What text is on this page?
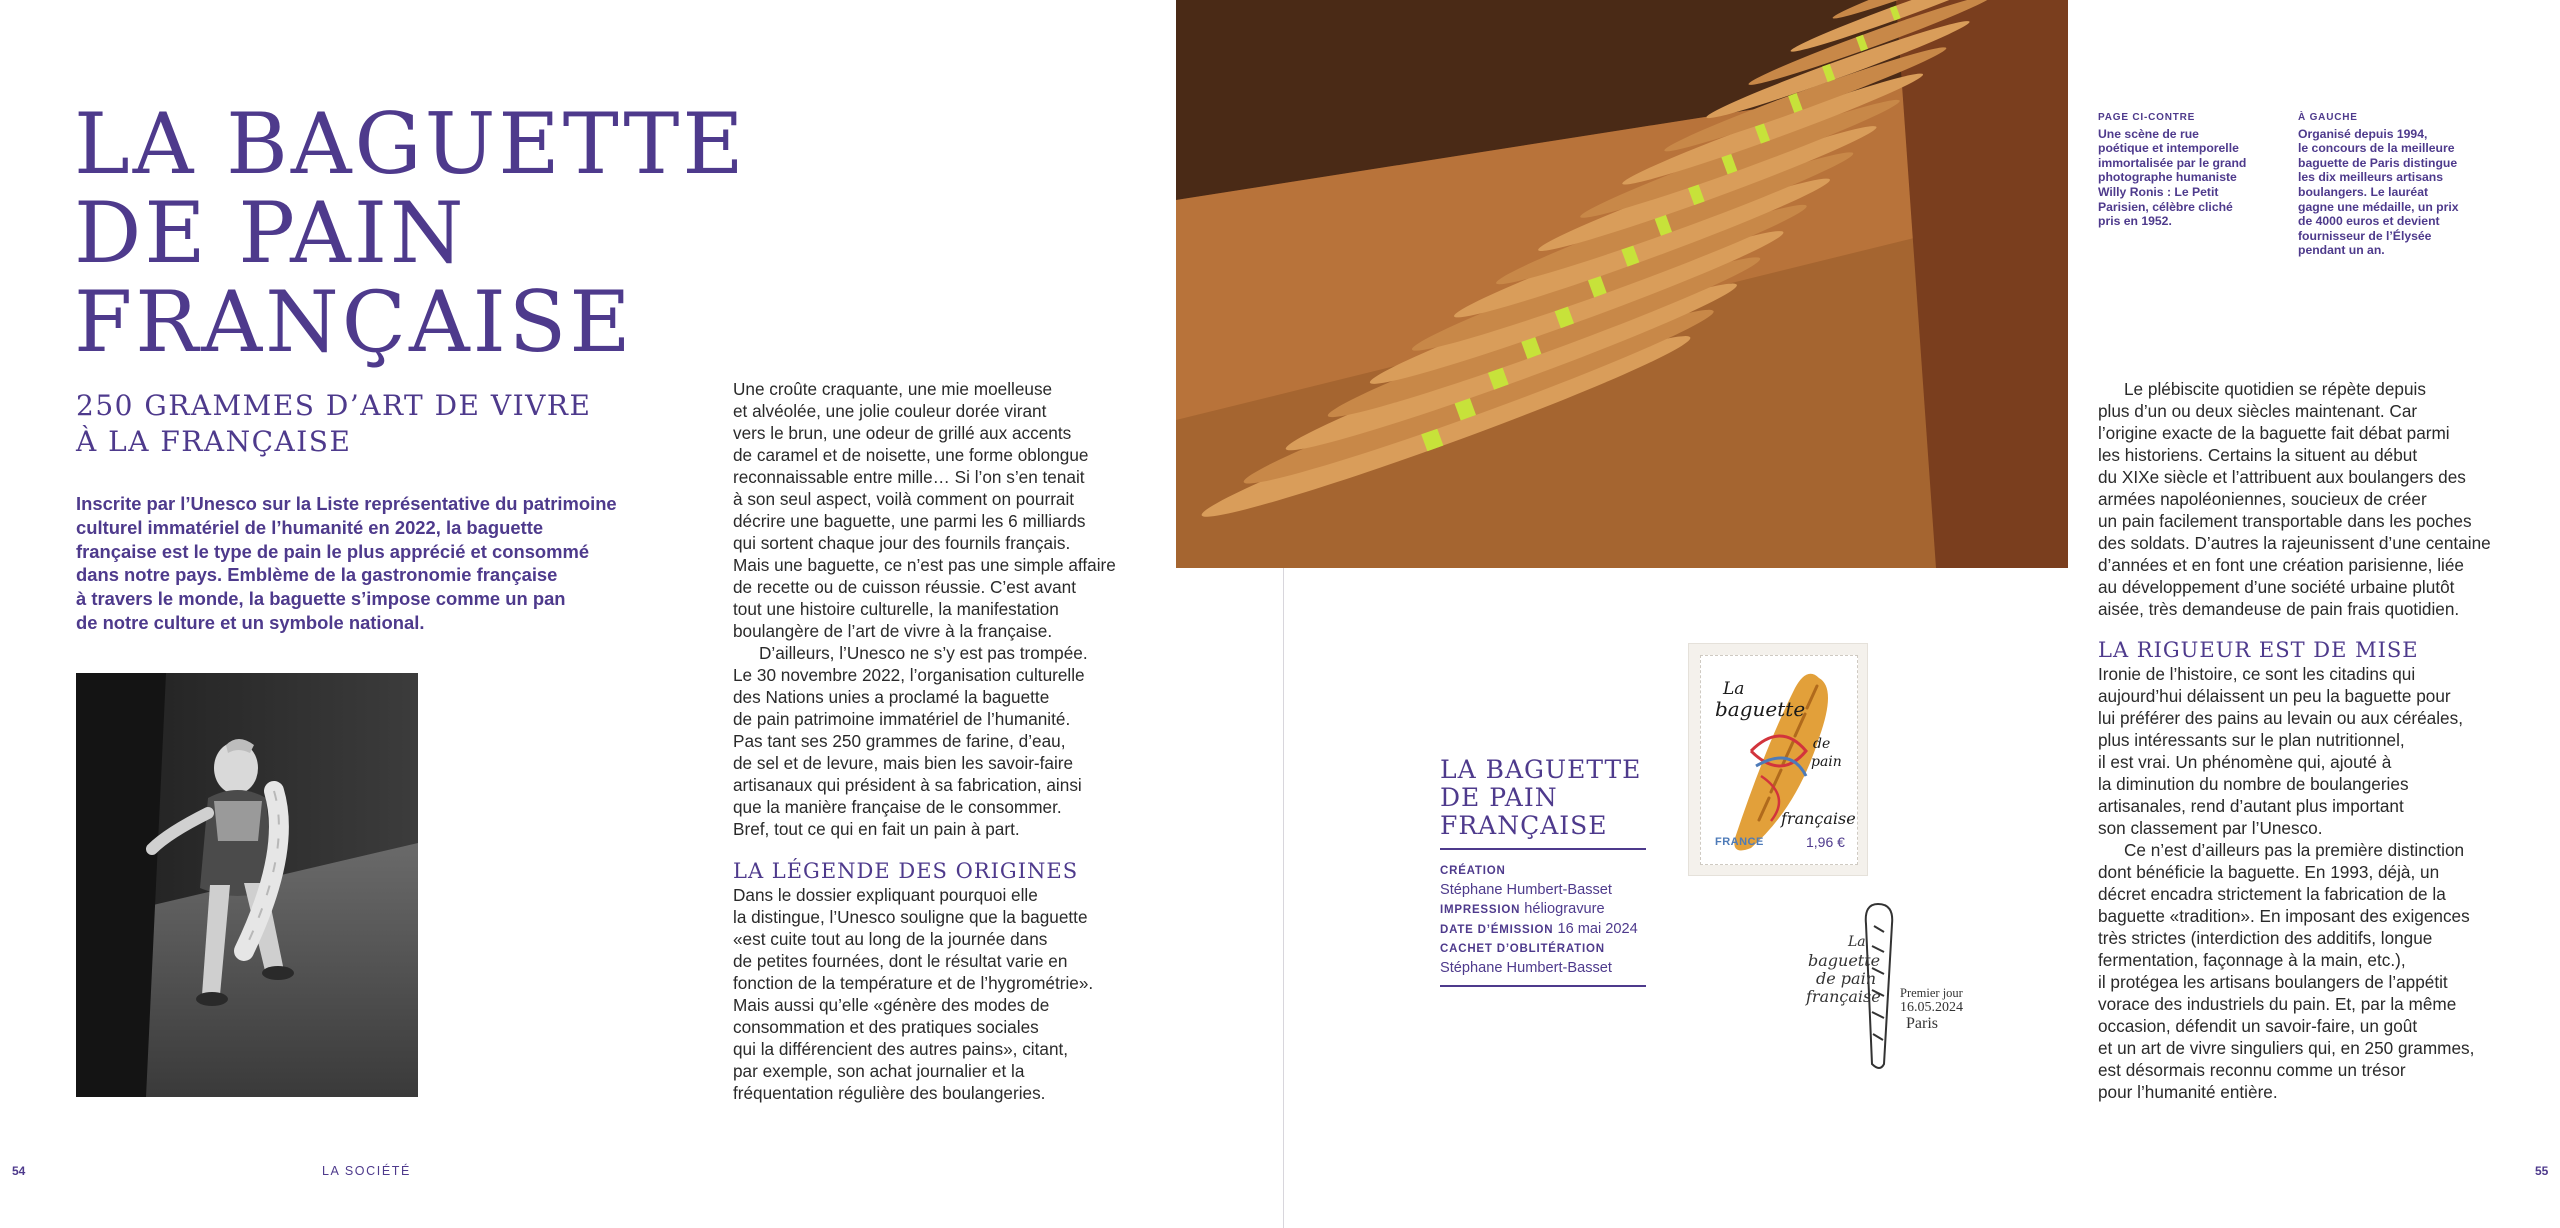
LA BAGUETTE
DE PAIN
FRANÇAISE
250 GRAMMES D’ART DE VIVRE
À LA FRANÇAISE
Inscrite par l’Unesco sur la Liste représentative du patrimoine
culturel immatériel de l’humanité en 2022, la baguette
française est le type de pain le plus apprécié et consommé
dans notre pays. Emblème de la gastronomie française
à travers le monde, la baguette s’impose comme un pan
de notre culture et un symbole national.
Une croûte craquante, une mie moelleuse
et alvéolée, une jolie couleur dorée virant
vers le brun, une odeur de grillé aux accents
de caramel et de noisette, une forme oblongue
reconnaissable entre mille… Si l’on s’en tenait
à son seul aspect, voilà comment on pourrait
décrire une baguette, une parmi les 6 milliards
qui sortent chaque jour des fournils français.
Mais une baguette, ce n’est pas une simple affaire
de recette ou de cuisson réussie. C’est avant
tout une histoire culturelle, la manifestation
boulangère de l’art de vivre à la française.
D’ailleurs, l’Unesco ne s’y est pas trompée.
Le 30 novembre 2022, l’organisation culturelle
des Nations unies a proclamé la baguette
de pain patrimoine immatériel de l’humanité.
Pas tant ses 250 grammes de farine, d’eau,
de sel et de levure, mais bien les savoir-faire
artisanaux qui président à sa fabrication, ainsi
que la manière française de le consommer.
Bref, tout ce qui en fait un pain à part.
LA LÉGENDE DES ORIGINES
Dans le dossier expliquant pourquoi elle
la distingue, l’Unesco souligne que la baguette
«est cuite tout au long de la journée dans
de petites fournées, dont le résultat varie en
fonction de la température et de l’hygrométrie».
Mais aussi qu’elle «génère des modes de
consommation et des pratiques sociales
qui la différencient des autres pains», citant,
par exemple, son achat journalier et la
fréquentation régulière des boulangeries.
54	LA SOCIÉTÉ
PAGE CI-CONTRE
Une scène de rue
poétique et intemporelle
immortalisée par le grand
photographe humaniste
Willy Ronis : Le Petit
Parisien, célèbre cliché
pris en 1952.
À GAUCHE
Organisé depuis 1994,
le concours de la meilleure
baguette de Paris distingue
les dix meilleurs artisans
boulangers. Le lauréat
gagne une médaille, un prix
de 4000 euros et devient
fournisseur de l’Élysée
pendant un an.
Le plébiscite quotidien se répète depuis
plus d’un ou deux siècles maintenant. Car
l’origine exacte de la baguette fait débat parmi
les historiens. Certains la situent au début
du XIXe siècle et l’attribuent aux boulangers des
armées napoléoniennes, soucieux de créer
un pain facilement transportable dans les poches
des soldats. D’autres la rajeunissent d’une centaine
d’années et en font une création parisienne, liée
au développement d’une société urbaine plutôt
aisée, très demandeuse de pain frais quotidien.
LA RIGUEUR EST DE MISE
Ironie de l’histoire, ce sont les citadins qui
aujourd’hui délaissent un peu la baguette pour
lui préférer des pains au levain ou aux céréales,
plus intéressants sur le plan nutritionnel,
il est vrai. Un phénomène qui, ajouté à
la diminution du nombre de boulangeries
artisanales, rend d’autant plus important
son classement par l’Unesco.
Ce n’est d’ailleurs pas la première distinction
dont bénéficie la baguette. En 1993, déjà, un
décret encadra strictement la fabrication de la
baguette «tradition». En imposant des exigences
très strictes (interdiction des additifs, longue
fermentation, façonnage à la main, etc.),
il protégea les artisans boulangers de l’appétit
vorace des industriels du pain. Et, par la même
occasion, défendit un savoir-faire, un goût
et un art de vivre singuliers qui, en 250 grammes,
est désormais reconnu comme un trésor
pour l’humanité entière.
LA BAGUETTE
DE PAIN
FRANÇAISE
CRÉATION
Stéphane Humbert-Basset
IMPRESSION héliogravure
DATE D’ÉMISSION 16 mai 2024
CACHET D’OBLITÉRATION
Stéphane Humbert-Basset
La
baguette
de
pain
française
FRANCE	1,96 €
La
baguette
de pain
française Premier jour
16.05.2024
Paris
55
